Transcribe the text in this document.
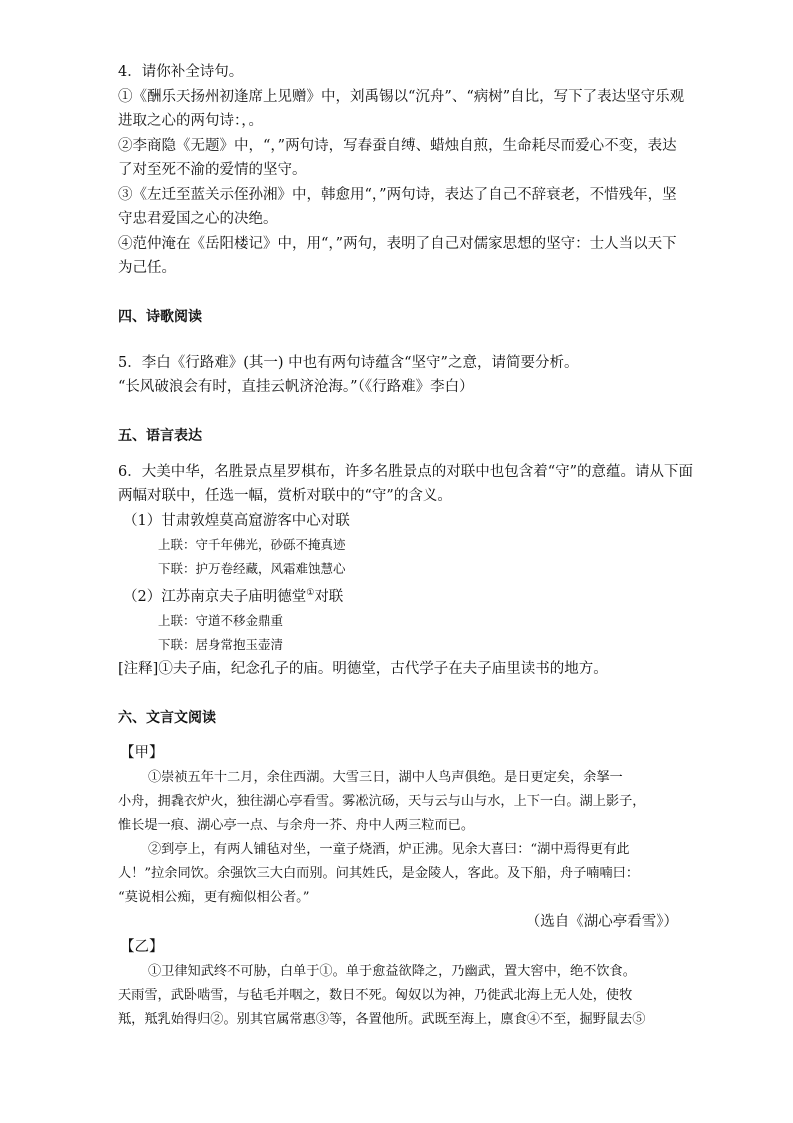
4．请你补全诗句。
①《酬乐天扬州初逢席上见赠》中，刘禹锡以“沉舟”、“病树”自比，写下了表达坚守乐观
进取之心的两句诗：，。
②李商隐《无题》中，“，”两句诗，写春蚕自缚、蜡烛自煎，生命耗尽而爱心不变，表达
了对至死不渝的爱情的坚守。
③《左迁至蓝关示侄孙湘》中，韩愈用“，”两句诗，表达了自己不辞衰老，不惜残年，坚
守忠君爱国之心的决绝。
④范仲淹在《岳阳楼记》中，用“，”两句，表明了自己对儒家思想的坚守：士人当以天下
为己任。
四、诗歌阅读
5．李白《行路难》(其一) 中也有两句诗蕴含“坚守”之意，请简要分析。
“长风破浪会有时，直挂云帆济沧海。”（《行路难》李白）
五、语言表达
6．大美中华，名胜景点星罗棋布，许多名胜景点的对联中也包含着“守”的意蕴。请从下面
两幅对联中，任选一幅，赏析对联中的“守”的含义。
（1）甘肃敦煌莫高窟游客中心对联
上联：守千年佛光，砂砾不掩真迹
下联：护万卷经藏，风霜难蚀慧心
（2）江苏南京夫子庙明德堂①对联
上联：守道不移金鼎重
下联：居身常抱玉壶清
[注释]①夫子庙，纪念孔子的庙。明德堂，古代学子在夫子庙里读书的地方。
六、文言文阅读
【甲】
①崇祯五年十二月，余住西湖。大雪三日，湖中人鸟声俱绝。是日更定矣，余拏一
小舟，拥毳衣炉火，独往湖心亭看雪。雾凇沆砀，天与云与山与水，上下一白。湖上影子，
惟长堤一痕、湖心亭一点、与余舟一芥、舟中人两三粒而已。
②到亭上，有两人铺毡对坐，一童子烧酒，炉正沸。见余大喜曰：“湖中焉得更有此
人！”拉余同饮。余强饮三大白而别。问其姓氏，是金陵人，客此。及下船，舟子喃喃曰：
“莫说相公痴，更有痴似相公者。”
（选自《湖心亭看雪》）
【乙】
①卫律知武终不可胁，白单于①。单于愈益欲降之，乃幽武，置大窖中，绝不饮食。
天雨雪，武卧啮雪，与毡毛并咽之，数日不死。匈奴以为神，乃徙武北海上无人处，使牧
羝，羝乳始得归②。别其官属常惠③等，各置他所。武既至海上，廪食④不至，掘野鼠去⑤
